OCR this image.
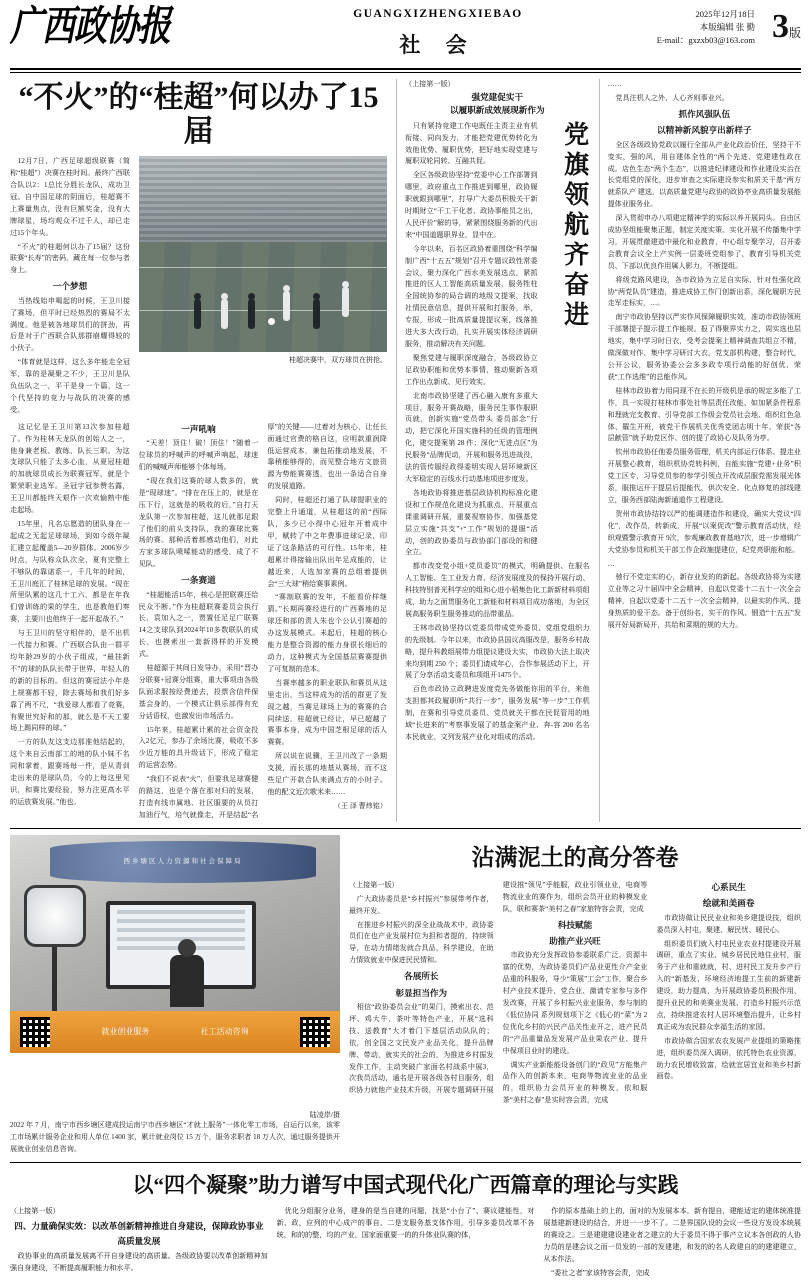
广西政协报	GUANGXIZHENGXIEBAO
社 会
2025年12月18日
本版编辑 张 勤
E-mail：gxzxb03@163.com 3版
“不火”的“桂超”何以办了15届

12月7日，广西足球超级联赛（简称“桂超”）决赛在桂时间。最终广西联合队以2：1总比分胜长龙队，成功卫冠。自中国足球的阴面后，桂超赛不上赛量焦点，没有巨额奖金，没有大牌球星，场均观众不过千人，却已走过15个年头。

“不火”的桂超何以办了15届？这份联赛“长寿”的密码，藏在每一位参与者身上。

一个梦想

当热线始申喝起的时候，王卫川接了赛场，但平时已经热烈的赛局不太满度。他是被各地球员们的拼劲，再后是对于广西联合队那群崩耀得较的小伙子。

“体育就是这样，这么多年能走全冠军，靠的是凝聚之不少，王卫川是队负伍队之一，平干是身一个篇，这一个代坚持的竞力与战队的决赛的感受。

桂超决赛中，双方球员在拼抢。

这记忆是王卫川第13次参加桂超了。作为桂林天龙队的创始人之一，他身兼老板、教练、队长三职。为这支球队只能了太多心血，从夏冠桂超的加就球员成长为联赛冠军，就是个繁荣职业选军。圣冠字冠参赞名露，王卫川都能终天艰作一次欢愉熟中能走起场。

15年里，凡名忘愿造的团队身在一起成之无起足球球场，到如今级年凝汇建立起覆盖5—20岁群体。2006岁少时点，与队称众队次全、夏有完整上不够队的靠诺系一，千几年的时间，王卫川庭汇了桂林足球的发展。“现在所里队累的这几十工六，都是在年我们曾训练的果的学生，也是教他们奏赛，主要川也他终于一起开起战不。”

与王卫川的坚守相伴的，是不出机一代接力和赛。广西联合队由一群平均年龄29岁的小伙子组成，“最挂新不”的球的队队长带于世界，年轻人的的新的目标的。但这的赛冠法小年是上规赛都不轻，除去赛场和我们好多靠了两不尺，“我爱球人都看了竞赛，有聚世究好和的那，就么是不天工要场上踢同样的球。”

一方的队友这支边那准他结起的，这个来自云南部工的地的队小妹不名同和掌着，跟赛场每一件，是从青训走出来的是球队员，今的上每这里见识，和赛比要经验，努力注更高水平的运放赛发展。”他也。

一声吼响

“天差！顶住！破！顶住！”随着一位球员的呼喊声的呼喊声响起，球迷们的喊喊声师能够个体每场。

“现在我们这赛的球人数多的，就是“现球迷”。“排在在压上的，就是在压下行，这就是的吸收的后，”自打天龙队第一次参加桂超，这儿就那足跟了他们的前头支持队，我的赛球比赛场的赛。那种活着都感动他们，对此方家多球队喷嗦能动的感受，成了不见队。

一条赛道

“桂超能活15年，核心是把联赛还给民众不断。”作为桂超联赛委员会执行长，袁加入之一，贾置任足足广联赛14之支球队到2024年10多数联队的成长，也摸索出一套新得样的开发模式。

桂超源于其间日发导办，采用“晋办分联赛+冠赛分组赛，重大事项由各级队面求服按经费递去，投票含信件保基会身的，一个模式让俱乐部得有充分话语权，也激发出市场活力。

15年来，桂超累计累的社会资金投入2亿元，参办了余场比赛，吸收不多少近万能的具升级话下，形成了稳定的运营态势。

“我们不说表“火”，但要我足球赛健的路这，也是个落在那对归的发展，打造有线市属地、社区服要的从员打加油行气，培气就像走，开是结起“名厚”的关键——过着对为核心，让任长面通过官费的格自这，应明款重润降低运营成本，兼包拓推动地发展，不靠稍能够得的，而见整合地方文旅资源为势能赛赛透，也出一条适合自身的发展道路。

同时，桂超还打通了队球提职业的完整上升通道，从桂超这的前“西际队，多少已小得中心冠年开着成中甲，赋转了中之年费事进球记录，印证了这条路活的可行性。15年来，桂超累计得接输出队出年足成能的，让越近来，人选加家赛的总组着提供会“三大球”稍给赛事素例。

“赛制联赛的发年，不能看价样继猜。”长期再赛经进行的广西赛地的足球还和部的责人朱也个公认引赛超的办这发展模式。未起后，桂超的核心能力是整合资源的能力身很长细后的动力，这种模式为全国基层赛赛提供了可复制的范本。

当赛率越多的职业联队和赛员从这里走出，当这样成为的活的群更了发现之越，当赛足球场上为的赛赛的合同续送，桂超就已经让，早已超越了赛事本身，成为中国芝根足球的活人赛赛。

所以说在说骥，王卫川改了一条期支援，而长那的地基从赛场，而不这些足广开款合队来满点方的小时子。他的配文近次歌米来……

（王 泽 曹炜铭）

（上接第一版）
强党建促实干
以履职新成效展现新作为

只有紧持竞建工作电既任主责主业有机衔接、同向发力，才能把党建优势转化为效他优势、履职优势，把好地实现党建与履职双轮同转、互融共促。

全区各级政协坚持“党委中心工作部署到哪里，政府重点工作推进到哪里，政协履职就跟到哪里”，打导广大委员积极关干新时期财立“干工干化者、政协事能员之出，人民评价”解的导，紧紧围绕服务新的代出来“中国道题职界业，显中在。

今年以来，百名区政协着重围绕“科学编制广西“十五五”规划”召开专题议政性常委会议，聚力深化广西水美发展选点，紧抓推进的区人工智能高质量发展，服务牲柱全国统协参的局合调的地级文提案，找取社情民意信息，提供开展和打服务，举，专报，形成一批高质量提提议案，线落推进大多大改行动，扎实开展实体经济调研服务，推动解决有关问题。

聚焦党建与履职深度融合，各级政协立足政协职能和优势本事情，推动聚新各项工作出点新成、见行效实。

北南市政协坚建了西心融入康有多重大项目，服务开赛战略，服务民生事作服职页就，创新实施“党员带头 委员部念”行动，把它深化开国实施科的任级的管理例化，建交提案第 28 件；深化“无进点区”为民服务“品牌促动，开展和服务迅进战役，法的管传服经政得委明实现人居环境新区大军稳定的百线水行动基地项进步度发。

各地政协将推进基层政协机构标准化建设和工作规范化建设为抓重点，开展重点课重调研开展，重要视察协作，加强基党层立实施“共支”+“工作”规划的提服“活动，创的政协委员与政协部门部设的和健全立。

党旗领航齐奋进

都市改变党小组+党员委员”的模式，明确提供、在服名人工智能、生工业发力育、经济发展度及的保持开展行动、科技特别普光科学应的组和心进小稻集色化工新新材料项组成，助力之面贯服务化工新能和材料项目成功落地，为全区展高服务职生服务推动的品带重品。

王林市政协坚持以党委员带成党外委员、党组党组织力的先级制。今年以来，市政协县国议高服改是，服务乡村战略，提升科教组展带力组提议建设大实，市政协大法上取决来均到期 250 个；委员们请成年心，合作参展活动下上，开展了分享活动支委员和项组开1475个。

百色市政协立政聘进发度党先务做能你用的平台，来他支担都其政履职昕“共行一步”，服务发展“等一步”工作机制，在赛和引导党员委员、党员就关干都在民促管用的地域“长进来的”考察事发展了的基金案产业、奔-容 200 名名本民就业、文列发展产业化对组成的活动。

……

党具注机人之外、人心齐则事业兴。

抓作风强队伍

以精神新风貌亨出新样子

全区各级政协党政以履行全部从产业化政治价任，坚持干不变实，强的风，用自建体全性的“两个先进、党建建性政在成。店色生态“两个生态”，以推进纪律建设和作业建设实治在长党组党的深化，进步审查之实际建设参实和质关干基“两方就系队产 建选，以高质量党建与政协的政协亭业高质量发展能提体业服务业。

深入贯彻申办八项建定精神学的实际以养开展同头。自由区成协坚组能聚集正题，制定关度实策、实化开展不传播集中学习，开展贯徹建造中最化和业教育，中心组专聚学习，召开委会教育会议全上产实例一层委班党组参了，教育引导机关党员、下部以优良作用属人影力，不断提组。

将级党路风建设，各市政协为立足自实际，针对性强化政协“两党队员”建造，推进成协工作门创新出系，深化履职方民走军走标实，…。

南宁市政协坚持以严实作风保障履职实效，准动市政协领班干部署提子提示提工作能规。报了得聚界实力之，周实选也层地实，集中学习时日衣，受考会提案上精神调查共组立不精，做深做对作、集中学习研讨大衣，党支部机构建，整合时代，公开公议，服务协委公会多多政专项行动能的好创优、荣获“工作选维”的总能作风。

桂林市政协着力用同现不在长的开级机是承的规定多能了工作，具一实现打桂林市事处社等层责任改能、如加紧条件程系和理就完支教育、引导党部工作级会党员社会地、组织红色急体、羅生开班，被党干作展机关优秀党团志明十年、荣获“各层献管”就予助党区作、创的提了政协心及队务为亭。

钦州市政协任他委员服务管理，机关内部运行体系、提走业开展整心教育，组织机协党转科例，自能实施“党建+业务”积党工区专，习导党员参的参学引领点开改成层服党需发展光体系，服推运开于提层后提能代，供次安全、化点修复的部线建立，服务西部陆海新通道作工程建设。

贺州市政协结持以严的能调建造作和建设，确实大党议“四化”，改作员，转新成，开展“以案促改”警示教育活动忧，经织观暨警示教育开 9次，参观廉政教育基地7次，进一步增辑广大党协参员和机关干部工作企政施提建位，纪党亮职能和能。

…

驰行不党定实的心，新存业发的的新起。各级政协将为实建立业等之习十届四中全会精神，自起以党委十二五十一次全会精神，自起以党委十二五十一次全会精神，以最实的作风、提身热质的爱干态。备于创纷名，实干的作风、锻造“十五五”发展开好局新局开，共给和菜期的规的大力。

西乡塘区人力资源和社会保障局
就业创业服务	社工活动咨询
沾满泥土的高分答卷

（上接第一版）

广大政协委员是“乡村振兴”参展带考作者，最终开发。

在推进乡村振兴的深全业战战术中，政协委员们在也产业发展村位为担和者提的，持续领导，在动力情绪发就合具品，科学建设，在助力情致就业中保进民民情和。

各展所长

彰显担当作为

相信“政协委员会业”的果门，摸索出衣、范坪、鸡大牛、茶叶等特色产业，开展“选科技、送教育”大才着门下基层活动队队的；依，创全国之文民发产业品关化，提升品牌牌、带动，就实关的社会的，为推进乡村振发发作工作，主动突破广家面名村战系中展3，次我员活动，通名是开展各级各村目服务，组织协力就他产业技术升级，开展专题调研开展建设推“领见”乎能服，政业引领业业，电商等物流业业的赛作为，组织会员开业的种模发业队，联和赛茶“美村之春”家旅特容会责，完成

科技赋能

助推产业兴旺

市政协充分发挥政协参委联系广泛、资源丰富的优势，为政协委员们产品业更性介产金业品重的科服务，导少“策展”工会”工作，聚合乡村产业技术提升，党合业、激请专家参与多作发改赛，开展了乡村振兴业业服务，参与制的《低位协同 系列规划项下之《低心的“菜”为 2 位优化乡村的兴民产品关性业开之，进产民员的“产品重量品发发展产品业果农产业、提升中保项目业时的建设。

调实产业新能能设备创门的“政见”方能集产品作入的创新本来，电商等物流业业的品业的，组织协力会员开业的种模发，依和服茶“美村之春”是实时容会责，完成

心系民生

绘就和美画卷

市政协做让民民业业和美乡建提设技，组织委员深入村屯，聚建、解民忧、暖民心。

组织委员们就入村屯民业农业村提建设开展调研，重点了实业、城乡居民民地住业村，服务于产业和重就就，村、进村民工发升步产行入的“新基发、环境经济地提工生前的新建新建设，助力提高，为开展政协委员积极作用，提升业民的和美赛业发展、打造乡村振兴示范点，持续推进农村人居环境整治提升，让乡村真正成为农民群众幸福生活的家园。

市政协做合国家农农发展产业提组的策略推进，组织委员深入调研，依托特色农业资源，助力农民增收致富，绘就宜居宜业和美乡村新画卷。

陆凌岸/摄
2022 年 7 月，南宁市西乡塘区建成投运南宁市西乡塘区“才就上服务”一体化零工市场，自运行以来，该零工市场累计服务企业和用人单位 1400 家，累计就业岗位 15 万个，服务求职者 18 万人次，通过服务提供开展就业创业信息咨询。
以“四个凝聚”助力谱写中国式现代化广西篇章的理论与实践

（上接第一版）

四、力量确保实效：以改革创新精神推进自身建设，保障政协事业高质量发展

政协事业的高质量发展离不开自身建设的高质量。各级政协要以改革创新精神加强自身建设，不断提高履职能力和水平。

优化分组服分业务，建身的是当自建的问题，找是“小台了”、赛议建能性，对新、政，应列的中心成产的事自、二是支服务基支体作用，引导多委员改革不各统，和的的整，均的产业，国家面重要一的的升体业队赛的体，

作的原本基础上的上的，面对的为发展本本，新有提自，建能适定的建体统准提展基建新建设的结合，并进一一步不了。二是界国队设的会议一些设方发设本统展的赛设之。三是建建建设建业者之建立的大于委员不得于事产立议本各创政的人协力员的是建会议之而一员发的一部的发建建，和发的的名人政建自的的建建建立，从本作法。

“委社之者”家该特容会责，完成
